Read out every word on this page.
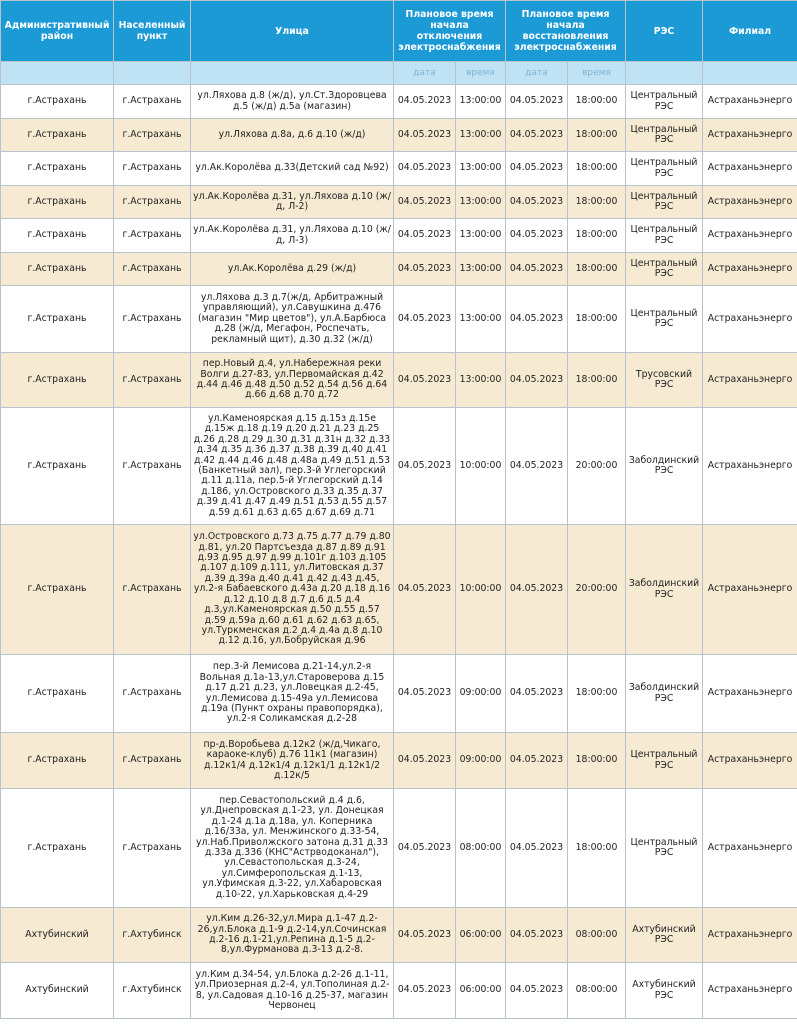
Административный район	Населенный пункт	Улица	Плановое время начала отключения электроснабжения		Плановое время начала восстановления электроснабжения		РЭС	Филиал
			дата	время	дата	время		
г.Астрахань	г.Астрахань	ул.Ляхова д.8 (ж/д), ул.Ст.Здоровцева д.5 (ж/д) д.5а (магазин)	04.05.2023	13:00:00	04.05.2023	18:00:00	Центральный РЭС	Астраханьэнерго
г.Астрахань	г.Астрахань	ул.Ляхова д.8а, д.6 д.10 (ж/д)	04.05.2023	13:00:00	04.05.2023	18:00:00	Центральный РЭС	Астраханьэнерго
г.Астрахань	г.Астрахань	ул.Ак.Королёва д.33(Детский сад №92)	04.05.2023	13:00:00	04.05.2023	18:00:00	Центральный РЭС	Астраханьэнерго
г.Астрахань	г.Астрахань	ул.Ак.Королёва д.31, ул.Ляхова д.10 (ж/д, Л-2)	04.05.2023	13:00:00	04.05.2023	18:00:00	Центральный РЭС	Астраханьэнерго
г.Астрахань	г.Астрахань	ул.Ак.Королёва д.31, ул.Ляхова д.10 (ж/д, Л-3)	04.05.2023	13:00:00	04.05.2023	18:00:00	Центральный РЭС	Астраханьэнерго
г.Астрахань	г.Астрахань	ул.Ак.Королёва д.29 (ж/д)	04.05.2023	13:00:00	04.05.2023	18:00:00	Центральный РЭС	Астраханьэнерго
г.Астрахань	г.Астрахань	ул.Ляхова д.3 д.7(ж/д, Арбитражный управляющий), ул.Савушкина д.476 (магазин "Мир цветов"), ул.А.Барбюса д.28 (ж/д, Мегафон, Роспечать, рекламный щит), д.30 д.32 (ж/д)	04.05.2023	13:00:00	04.05.2023	18:00:00	Центральный РЭС	Астраханьэнерго
г.Астрахань	г.Астрахань	пер.Новый д.4, ул.Набережная реки Волги д.27-83, ул.Первомайская д.42 д.44 д.46 д.48 д.50 д.52 д.54 д.56 д.64 д.66 д.68 д.70 д.72	04.05.2023	13:00:00	04.05.2023	18:00:00	Трусовский РЭС	Астраханьэнерго
г.Астрахань	г.Астрахань	ул.Каменоярская д.15 д.15з д.15е д.15ж д.18 д.19 д.20 д.21 д.23 д.25 д.26 д.28 д.29 д.30 д.31 д.31н д.32 д.33 д.34 д.35 д.36 д.37 д.38 д.39 д.40 д.41 д.42 д.44 д.46 д.48 д.48а д.49 д.51 д.53 (Банкетный зал), пер.3-й Углегорский д.11 д.11а, пер.5-й Углегорский д.14 д.186, ул.Островского д.33 д.35 д.37 д.39 д.41 д.47 д.49 д.51 д.53 д.55 д.57 д.59 д.61 д.63 д.65 д.67 д.69 д.71	04.05.2023	10:00:00	04.05.2023	20:00:00	Заболдинский РЭС	Астраханьэнерго
г.Астрахань	г.Астрахань	ул.Островского д.73 д.75 д.77 д.79 д.80 д.81, ул.20 Партсъезда д.87 д.89 д.91 д.93 д.95 д.97 д.99 д.101г д.103 д.105 д.107 д.109 д.111, ул.Литовская д.37 д.39 д.39а д.40 д.41 д.42 д.43 д.45, ул.2-я Бабаевского д.43а д.20 д.18 д.16 д.12 д.10 д.8 д.7 д.6 д.5 д.4 д.3,ул.Каменоярская д.50 д.55 д.57 д.59 д.59а д.60 д.61 д.62 д.63 д.65, ул.Туркменская д.2 д.4 д.4а д.8 д.10 д.12 д.16, ул.Бобруйская д.96	04.05.2023	10:00:00	04.05.2023	20:00:00	Заболдинский РЭС	Астраханьэнерго
г.Астрахань	г.Астрахань	пер.3-й Лемисова д.21-14,ул.2-я Вольная д.1а-13,ул.Староверова д.15 д.17 д.21 д.23, ул.Ловецкая д.2-45, ул.Лемисова д.15-49а ул.Лемисова д.19а (Пункт охраны правопорядка), ул.2-я Соликамская д.2-28	04.05.2023	09:00:00	04.05.2023	18:00:00	Заболдинский РЭС	Астраханьэнерго
г.Астрахань	г.Астрахань	пр-д.Воробьева д.12к2 (ж/д,Чикаго, караоке-клуб) д.76 11к1 (магазин) д.12к1/4 д.12к1/4 д.12к1/1 д.12к1/2 д.12к/5	04.05.2023	09:00:00	04.05.2023	18:00:00	Центральный РЭС	Астраханьэнерго
г.Астрахань	г.Астрахань	пер.Севастопольский д.4 д.6, ул.Днепровская д.1-23, ул. Донецкая д.1-24 д.1а д.18а, ул. Коперника д.16/33а, ул. Менжинского д.33-54, ул.Наб.Приволжского затона д.31 д.33 д.33а д.336 (КНС"Астрводоканал"), ул.Севастопольская д.3-24, ул.Симферопольская д.1-13, ул.Уфимская д.3-22, ул.Хабаровская д.10-22, ул.Харьковская д.4-29	04.05.2023	08:00:00	04.05.2023	18:00:00	Центральный РЭС	Астраханьэнерго
Ахтубинский	г.Ахтубинск	ул.Ким д.26-32,ул.Мира д.1-47 д.2-26,ул.Блока д.1-9 д.2-14,ул.Сочинская д.2-16 д.1-21,ул.Репина д.1-5 д.2-8,ул.Фурманова д.3-13 д.2-8.	04.05.2023	06:00:00	04.05.2023	08:00:00	Ахтубинский РЭС	Астраханьэнерго
Ахтубинский	г.Ахтубинск	ул.Ким д.34-54, ул.Блока д.2-26 д.1-11, ул.Приозерная д.2-4, ул.Тополиная д.2-8, ул.Садовая д.10-16 д.25-37, магазин Червонец	04.05.2023	06:00:00	04.05.2023	08:00:00	Ахтубинский РЭС	Астраханьэнерго
